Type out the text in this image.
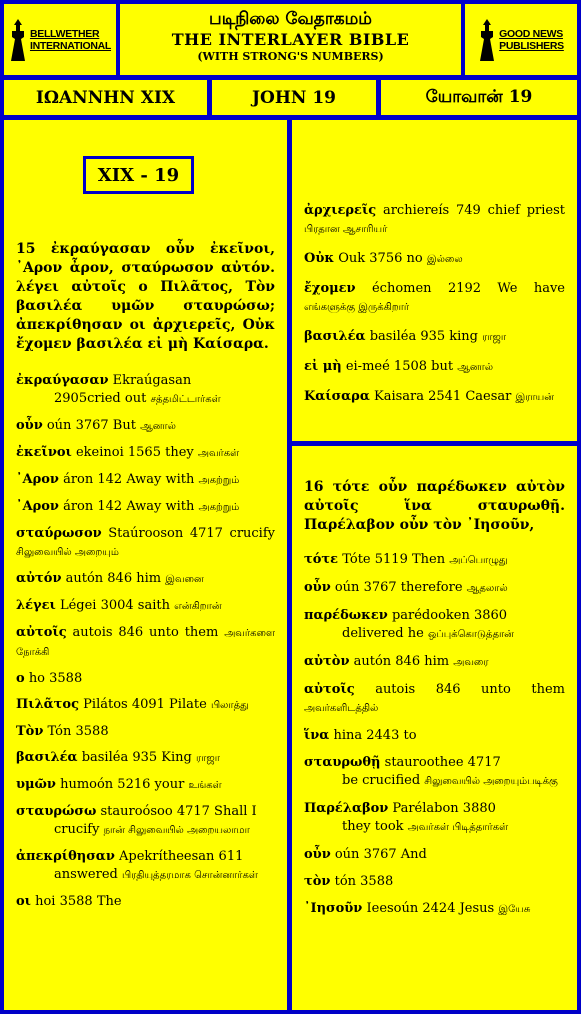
BELLWETHER
INTERNATIONAL
படிநிலை வேதாகமம்
THE INTERLAYER BIBLE
(WITH STRONG'S NUMBERS)
GOOD NEWS
PUBLISHERS
ΙΩΑΝΝΗΝ XIX	JOHN 19	யோவான் 19
XIX - 19
15 ἐκραύγασαν οὖν ἐκεῖνοι, ᾿Αρον ἆρον, σταύρωσον αὐτόν. λέγει αὐτοῖς ο Πιλᾶτος, Τὸν βασιλέα υμῶν σταυρώσω; ἀπεκρίθησαν οι ἀρχιερεῖς, Οὐκ ἔχομεν βασιλέα εἰ μὴ Καίσαρα.
ἐκραύγασαν Ekraúgasan
2905cried out சத்தமிட்டார்கள்
οὖν oún 3767 But ஆனால்
ἐκεῖνοι ekeinoi 1565 they அவர்கள்
᾿Αρον áron 142 Away with அகற்றும்
᾿Αρον áron 142 Away with அகற்றும்
σταύρωσον Staúrooson 4717 crucify சிலுவையில் அறையும்
αὐτόν autón 846 him இவனை
λέγει Légei 3004 saith என்கிறான்
αὐτοῖς autois 846 unto them அவர்களை நோக்கி
ο ho 3588
Πιλᾶτος Pilátos 4091 Pilate பிலாத்து
Τὸν Tón 3588
βασιλέα basiléa 935 King ராஜா
υμῶν humoón 5216 your உங்கள்
σταυρώσω stauroósoo 4717 Shall I
crucify நான் சிலுவையில் அறையலாமா
ἀπεκρίθησαν Apekrítheesan 611
answered பிரதியுத்தரமாக சொன்னார்கள்
οι hoi 3588 The
ἀρχιερεῖς archiereís 749 chief priest பிரதான ஆசாரியர்
Οὐκ Ouk 3756 no இல்லை
ἔχομεν échomen 2192 We have எங்களுக்கு இருக்கிறார்
βασιλέα basiléa 935 king ராஜா
εἰ μὴ ei-meé 1508 but ஆனால்
Καίσαρα Kaisara 2541 Caesar இராயன்
16 τότε οὖν παρέδωκεν αὐτὸν αὐτοῖς ἵνα σταυρωθῇ. Παρέλαβον οὖν τὸν ᾿Ιησοῦν,
τότε Tóte 5119 Then அப்பொழுது
οὖν oún 3767 therefore ஆதலால்
παρέδωκεν parédooken 3860
delivered he ஒப்புக்கொடுத்தான்
αὐτὸν autón 846 him அவரை
αὐτοῖς autois 846 unto them அவர்களிடத்தில்
ἵνα hina 2443 to
σταυρωθῇ stauroothee 4717
be crucified சிலுவையில் அறையும்படிக்கு
Παρέλαβον Parélabon 3880
they took அவர்கள் பிடித்தார்கள்
οὖν oún 3767 And
τὸν tón 3588
᾿Ιησοῦν Ieesoún 2424 Jesus இயேசு
